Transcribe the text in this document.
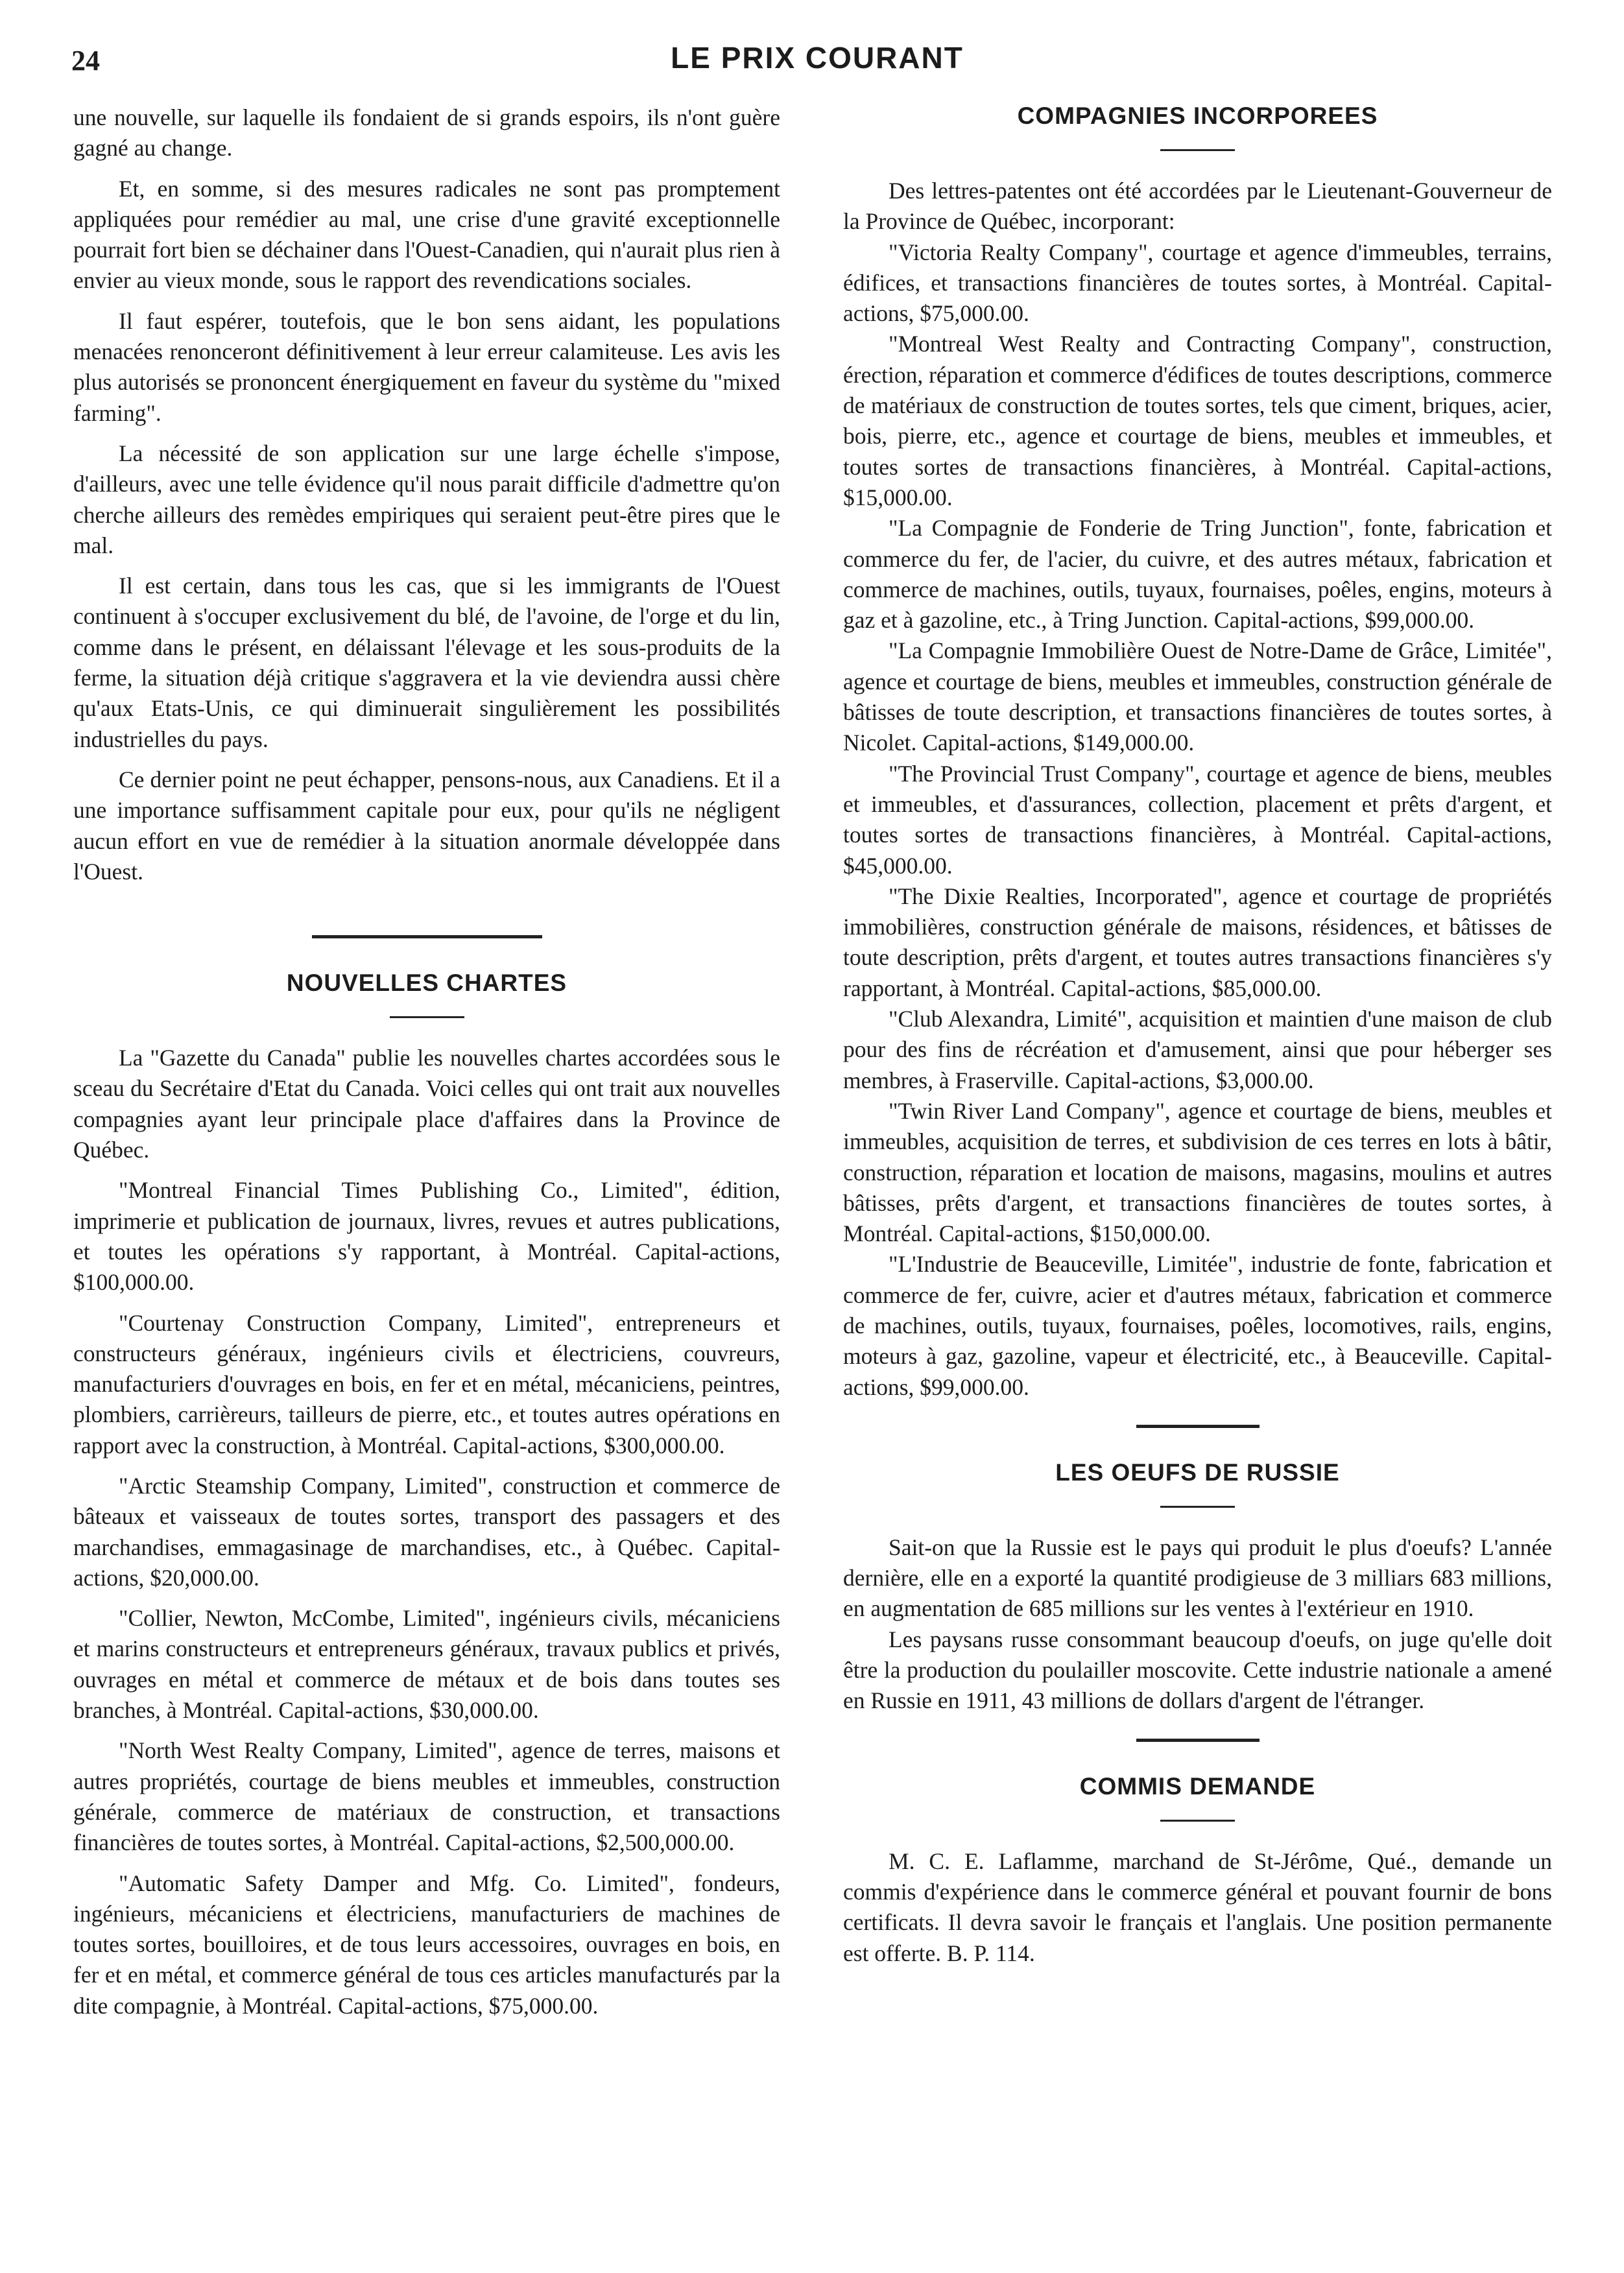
24	LE PRIX COURANT

une nouvelle, sur laquelle ils fondaient de si grands espoirs, ils n'ont guère gagné au change.

Et, en somme, si des mesures radicales ne sont pas promptement appliquées pour remédier au mal, une crise d'une gravité exceptionnelle pourrait fort bien se déchainer dans l'Ouest-Canadien, qui n'aurait plus rien à envier au vieux monde, sous le rapport des revendications sociales.

Il faut espérer, toutefois, que le bon sens aidant, les populations menacées renonceront définitivement à leur erreur calamiteuse. Les avis les plus autorisés se prononcent énergiquement en faveur du système du "mixed farming".

La nécessité de son application sur une large échelle s'impose, d'ailleurs, avec une telle évidence qu'il nous parait difficile d'admettre qu'on cherche ailleurs des remèdes empiriques qui seraient peut-être pires que le mal.

Il est certain, dans tous les cas, que si les immigrants de l'Ouest continuent à s'occuper exclusivement du blé, de l'avoine, de l'orge et du lin, comme dans le présent, en délaissant l'élevage et les sous-produits de la ferme, la situation déjà critique s'aggravera et la vie deviendra aussi chère qu'aux Etats-Unis, ce qui diminuerait singulièrement les possibilités industrielles du pays.

Ce dernier point ne peut échapper, pensons-nous, aux Canadiens. Et il a une importance suffisamment capitale pour eux, pour qu'ils ne négligent aucun effort en vue de remédier à la situation anormale développée dans l'Ouest.

NOUVELLES CHARTES

La "Gazette du Canada" publie les nouvelles chartes accordées sous le sceau du Secrétaire d'Etat du Canada. Voici celles qui ont trait aux nouvelles compagnies ayant leur principale place d'affaires dans la Province de Québec.

"Montreal Financial Times Publishing Co., Limited", édition, imprimerie et publication de journaux, livres, revues et autres publications, et toutes les opérations s'y rapportant, à Montréal. Capital-actions, $100,000.00.

"Courtenay Construction Company, Limited", entrepreneurs et constructeurs généraux, ingénieurs civils et électriciens, couvreurs, manufacturiers d'ouvrages en bois, en fer et en métal, mécaniciens, peintres, plombiers, carrièreurs, tailleurs de pierre, etc., et toutes autres opérations en rapport avec la construction, à Montréal. Capital-actions, $300,000.00.

"Arctic Steamship Company, Limited", construction et commerce de bâteaux et vaisseaux de toutes sortes, transport des passagers et des marchandises, emmagasinage de marchandises, etc., à Québec. Capital-actions, $20,000.00.

"Collier, Newton, McCombe, Limited", ingénieurs civils, mécaniciens et marins constructeurs et entrepreneurs généraux, travaux publics et privés, ouvrages en métal et commerce de métaux et de bois dans toutes ses branches, à Montréal. Capital-actions, $30,000.00.

"North West Realty Company, Limited", agence de terres, maisons et autres propriétés, courtage de biens meubles et immeubles, construction générale, commerce de matériaux de construction, et transactions financières de toutes sortes, à Montréal. Capital-actions, $2,500,000.00.

"Automatic Safety Damper and Mfg. Co. Limited", fondeurs, ingénieurs, mécaniciens et électriciens, manufacturiers de machines de toutes sortes, bouilloires, et de tous leurs accessoires, ouvrages en bois, en fer et en métal, et commerce général de tous ces articles manufacturés par la dite compagnie, à Montréal. Capital-actions, $75,000.00.

COMPAGNIES INCORPOREES

Des lettres-patentes ont été accordées par le Lieutenant-Gouverneur de la Province de Québec, incorporant:

"Victoria Realty Company", courtage et agence d'immeubles, terrains, édifices, et transactions financières de toutes sortes, à Montréal. Capital-actions, $75,000.00.

"Montreal West Realty and Contracting Company", construction, érection, réparation et commerce d'édifices de toutes descriptions, commerce de matériaux de construction de toutes sortes, tels que ciment, briques, acier, bois, pierre, etc., agence et courtage de biens, meubles et immeubles, et toutes sortes de transactions financières, à Montréal. Capital-actions, $15,000.00.

"La Compagnie de Fonderie de Tring Junction", fonte, fabrication et commerce du fer, de l'acier, du cuivre, et des autres métaux, fabrication et commerce de machines, outils, tuyaux, fournaises, poêles, engins, moteurs à gaz et à gazoline, etc., à Tring Junction. Capital-actions, $99,000.00.

"La Compagnie Immobilière Ouest de Notre-Dame de Grâce, Limitée", agence et courtage de biens, meubles et immeubles, construction générale de bâtisses de toute description, et transactions financières de toutes sortes, à Nicolet. Capital-actions, $149,000.00.

"The Provincial Trust Company", courtage et agence de biens, meubles et immeubles, et d'assurances, collection, placement et prêts d'argent, et toutes sortes de transactions financières, à Montréal. Capital-actions, $45,000.00.

"The Dixie Realties, Incorporated", agence et courtage de propriétés immobilières, construction générale de maisons, résidences, et bâtisses de toute description, prêts d'argent, et toutes autres transactions financières s'y rapportant, à Montréal. Capital-actions, $85,000.00.

"Club Alexandra, Limité", acquisition et maintien d'une maison de club pour des fins de récréation et d'amusement, ainsi que pour héberger ses membres, à Fraserville. Capital-actions, $3,000.00.

"Twin River Land Company", agence et courtage de biens, meubles et immeubles, acquisition de terres, et subdivision de ces terres en lots à bâtir, construction, réparation et location de maisons, magasins, moulins et autres bâtisses, prêts d'argent, et transactions financières de toutes sortes, à Montréal. Capital-actions, $150,000.00.

"L'Industrie de Beauceville, Limitée", industrie de fonte, fabrication et commerce de fer, cuivre, acier et d'autres métaux, fabrication et commerce de machines, outils, tuyaux, fournaises, poêles, locomotives, rails, engins, moteurs à gaz, gazoline, vapeur et électricité, etc., à Beauceville. Capital-actions, $99,000.00.

LES OEUFS DE RUSSIE

Sait-on que la Russie est le pays qui produit le plus d'oeufs? L'année dernière, elle en a exporté la quantité prodigieuse de 3 milliars 683 millions, en augmentation de 685 millions sur les ventes à l'extérieur en 1910.

Les paysans russe consommant beaucoup d'oeufs, on juge qu'elle doit être la production du poulailler moscovite. Cette industrie nationale a amené en Russie en 1911, 43 millions de dollars d'argent de l'étranger.

COMMIS DEMANDE

M. C. E. Laflamme, marchand de St-Jérôme, Qué., demande un commis d'expérience dans le commerce général et pouvant fournir de bons certificats. Il devra savoir le français et l'anglais. Une position permanente est offerte. B. P. 114.
